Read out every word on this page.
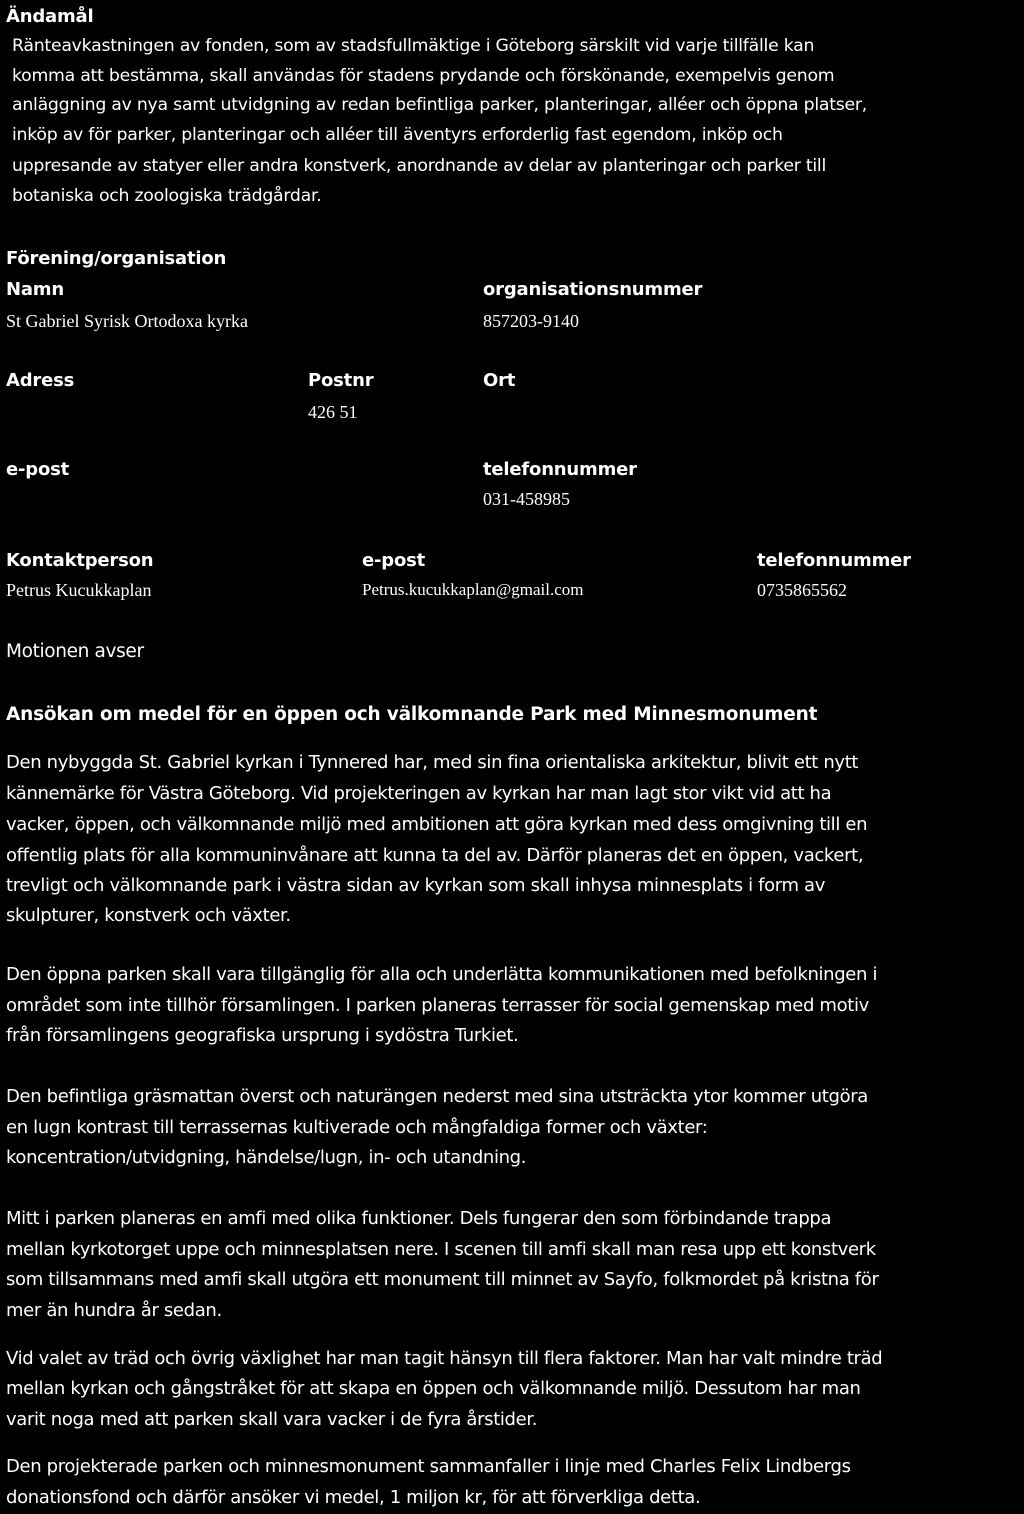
Ändamål
Ränteavkastningen av fonden, som av stadsfullmäktige i Göteborg särskilt vid varje tillfälle kan
komma att bestämma, skall användas för stadens prydande och förskönande, exempelvis genom
anläggning av nya samt utvidgning av redan befintliga parker, planteringar, alléer och öppna platser,
inköp av för parker, planteringar och alléer till äventyrs erforderlig fast egendom, inköp och
uppresande av statyer eller andra konstverk, anordnande av delar av planteringar och parker till
botaniska och zoologiska trädgårdar.
Förening/organisation
Namn
St Gabriel Syrisk Ortodoxa kyrka
organisationsnummer
857203-9140
Adress	Postnr
426 51
Ort
e-post	telefonnummer
031-458985
Kontaktperson
Petrus Kucukkaplan
e-post
Petrus.kucukkaplan@gmail.com
telefonnummer
0735865562
Motionen avser
Ansökan om medel för en öppen och välkomnande Park med Minnesmonument
Den nybyggda St. Gabriel kyrkan i Tynnered har, med sin fina orientaliska arkitektur, blivit ett nytt
kännemärke för Västra Göteborg. Vid projekteringen av kyrkan har man lagt stor vikt vid att ha
vacker, öppen, och välkomnande miljö med ambitionen att göra kyrkan med dess omgivning till en
offentlig plats för alla kommuninvånare att kunna ta del av. Därför planeras det en öppen, vackert,
trevligt och välkomnande park i västra sidan av kyrkan som skall inhysa minnesplats i form av
skulpturer, konstverk och växter.
Den öppna parken skall vara tillgänglig för alla och underlätta kommunikationen med befolkningen i
området som inte tillhör församlingen. I parken planeras terrasser för social gemenskap med motiv
från församlingens geografiska ursprung i sydöstra Turkiet.
Den befintliga gräsmattan överst och naturängen nederst med sina utsträckta ytor kommer utgöra
en lugn kontrast till terrassernas kultiverade och mångfaldiga former och växter:
koncentration/utvidgning, händelse/lugn, in- och utandning.
Mitt i parken planeras en amfi med olika funktioner. Dels fungerar den som förbindande trappa
mellan kyrkotorget uppe och minnesplatsen nere. I scenen till amfi skall man resa upp ett konstverk
som tillsammans med amfi skall utgöra ett monument till minnet av Sayfo, folkmordet på kristna för
mer än hundra år sedan.
Vid valet av träd och övrig växlighet har man tagit hänsyn till flera faktorer. Man har valt mindre träd
mellan kyrkan och gångstråket för att skapa en öppen och välkomnande miljö. Dessutom har man
varit noga med att parken skall vara vacker i de fyra årstider.
Den projekterade parken och minnesmonument sammanfaller i linje med Charles Felix Lindbergs
donationsfond och därför ansöker vi medel, 1 miljon kr, för att förverkliga detta.
